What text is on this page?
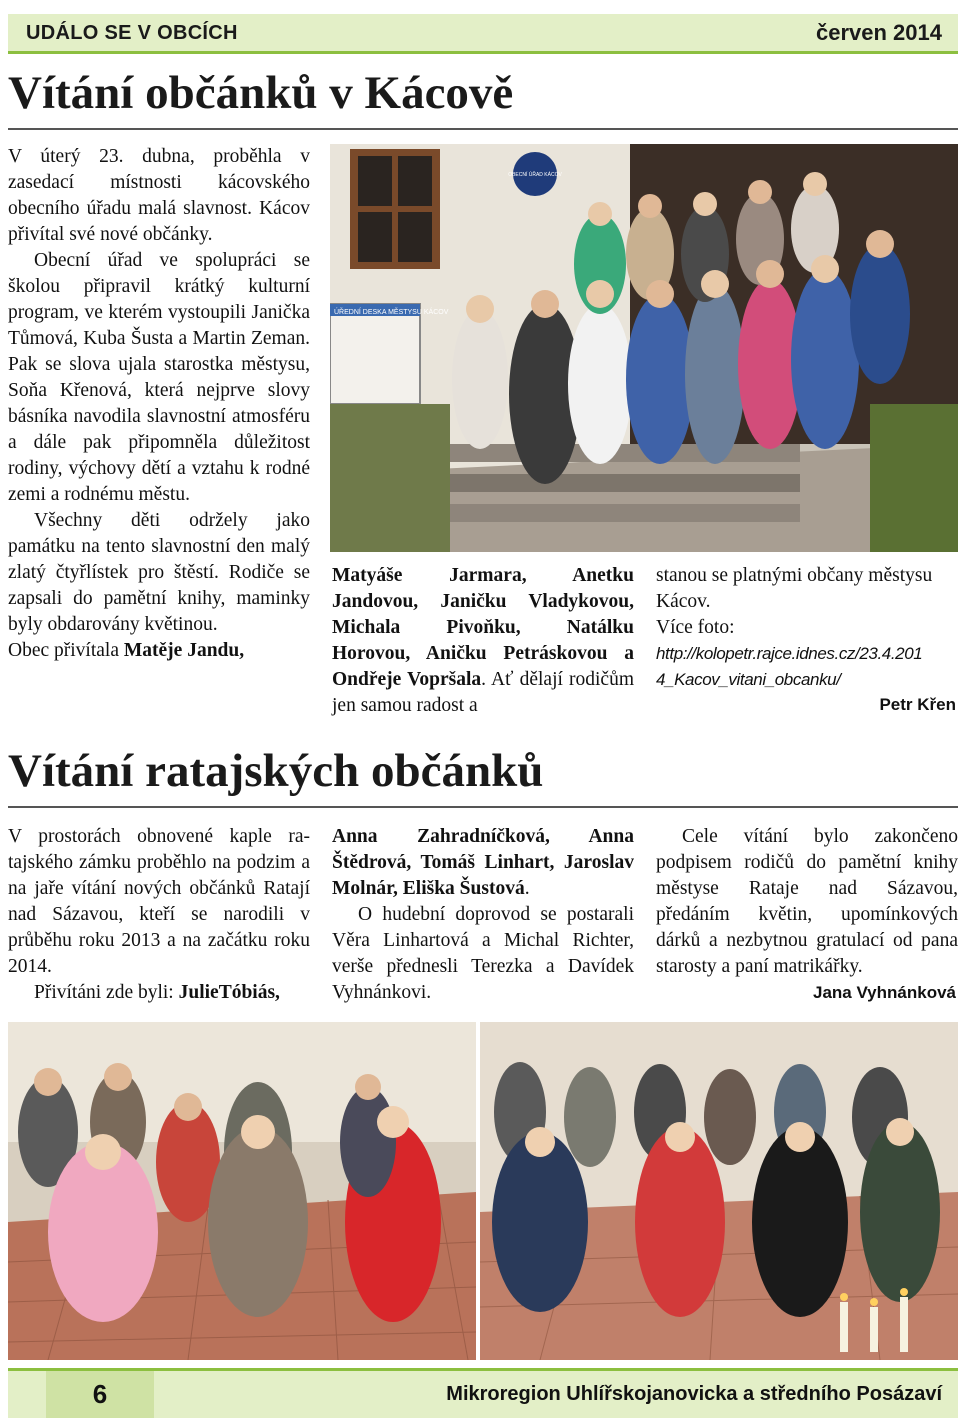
UDÁLO SE V OBCÍCH	červen 2014
Vítání občánků v Kácově

V úterý 23. dubna, proběhla v zasedací místnosti kácovského obecního úřadu malá slavnost. Kácov přivítal své nové občánky.

Obecní úřad ve spolupráci se školou připravil krátký kulturní program, ve kterém vystoupili Janička Tůmová, Kuba Šusta a Martin Zeman. Pak se slova ujala starostka městysu, Soňa Křenová, která nejprve slovy básníka navodila slavnostní atmosféru a dále pak připomněla důležitost rodiny, výchovy dětí a vztahu k rodné zemi a rodnému městu.

Všechny děti održely jako památku na tento slavnostní den malý zlatý čtyřlístek pro štěstí. Rodiče se zapsali do pamětní knihy, maminky byly obdarovány květinou.

Obec přivítala Matěje Jandu,

ÚŘEDNÍ DESKA MĚSTYSU KÁCOV
OBECNÍ ÚŘAD KÁCOV

Matyáše Jarmara, Anetku Jandovou, Janičku Vladykovou, Michala Pivoňku, Natálku Horovou, Aničku Petráskovou a Ondřeje Vopršala. Ať dělají rodičům jen samou radost a

stanou se platnými občany městysu Kácov.

Více foto:

http://kolopetr.rajce.idnes.cz/23.4.201
4_Kacov_vitani_obcanku/

Petr Křen
Vítání ratajských občánků

V prostorách obnovené kaple ratajského zámku proběhlo na podzim a na jaře vítání nových občánků Ratají nad Sázavou, kteří se narodili v průběhu roku 2013 a na začátku roku 2014.

Přivítáni zde byli: JulieTóbiás,

Anna Zahradníčková, Anna Štědrová, Tomáš Linhart, Jaroslav Molnár, Eliška Šustová.

O hudební doprovod se postarali Věra Linhartová a Michal Richter, verše přednesli Terezka a Davídek Vyhnánkovi.

Cele vítání bylo zakončeno podpisem rodičů do pamětní knihy městyse Rataje nad Sázavou, předáním květin, upomínkových dárků a nezbytnou gratulací od pana starosty a paní matrikářky.

Jana Vyhnánková
6	Mikroregion Uhlířskojanovicka a středního Posázaví
